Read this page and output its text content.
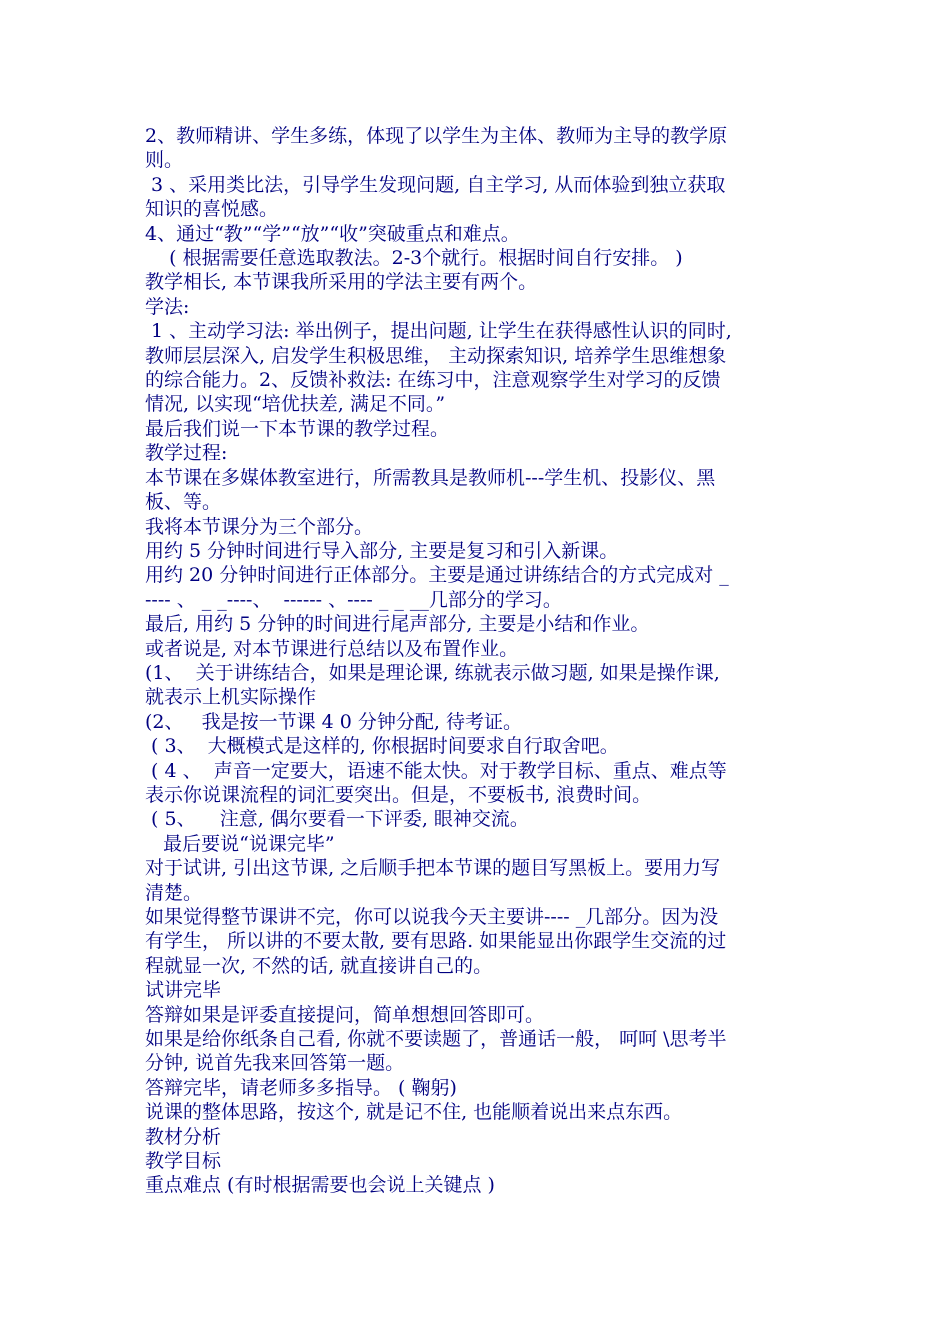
2、教师精讲、学生多练，体现了以学生为主体、教师为主导的教学原
则。
3 、采用类比法，引导学生发现问题, 自主学习, 从而体验到独立获取
知识的喜悦感。
4、通过“教”“学”“放”“收”突破重点和难点。
( 根据需要任意选取教法。2-3个就行。根据时间自行安排。 )
教学相长, 本节课我所采用的学法主要有两个。
学法:
1 、主动学习法: 举出例子，提出问题, 让学生在获得感性认识的同时,
教师层层深入, 启发学生积极思维， 主动探索知识, 培养学生思维想象
的综合能力。2、反馈补救法: 在练习中，注意观察学生对学习的反馈
情况, 以实现“培优扶差, 满足不同。”
最后我们说一下本节课的教学过程。
教学过程:
本节课在多媒体教室进行，所需教具是教师机---学生机、投影仪、黑
板、等。
我将本节课分为三个部分。
用约 5 分钟时间进行导入部分, 主要是复习和引入新课。
用约 20 分钟时间进行正体部分。主要是通过讲练结合的方式完成对 _
---- 、 _ _----、  ------ 、---- _ _ __几部分的学习。
最后, 用约 5 分钟的时间进行尾声部分, 主要是小结和作业。
或者说是, 对本节课进行总结以及布置作业。
(1、  关于讲练结合，如果是理论课, 练就表示做习题, 如果是操作课,
就表示上机实际操作
(2、   我是按一节课 4 0 分钟分配, 待考证。
( 3、  大概模式是这样的, 你根据时间要求自行取舍吧。
( 4 、  声音一定要大，语速不能太快。对于教学目标、重点、难点等
表示你说课流程的词汇要突出。但是，不要板书, 浪费时间。
( 5、    注意, 偶尔要看一下评委, 眼神交流。
最后要说“说课完毕”
对于试讲, 引出这节课, 之后顺手把本节课的题目写黑板上。要用力写
清楚。
如果觉得整节课讲不完，你可以说我今天主要讲---- _几部分。因为没
有学生， 所以讲的不要太散, 要有思路. 如果能显出你跟学生交流的过
程就显一次, 不然的话, 就直接讲自己的。
试讲完毕
答辩如果是评委直接提问，简单想想回答即可。
如果是给你纸条自己看, 你就不要读题了，普通话一般， 呵呵 \思考半
分钟, 说首先我来回答第一题。
答辩完毕，请老师多多指导。 ( 鞠躬)
说课的整体思路，按这个, 就是记不住, 也能顺着说出来点东西。
教材分析
教学目标
重点难点 (有时根据需要也会说上关键点 )
